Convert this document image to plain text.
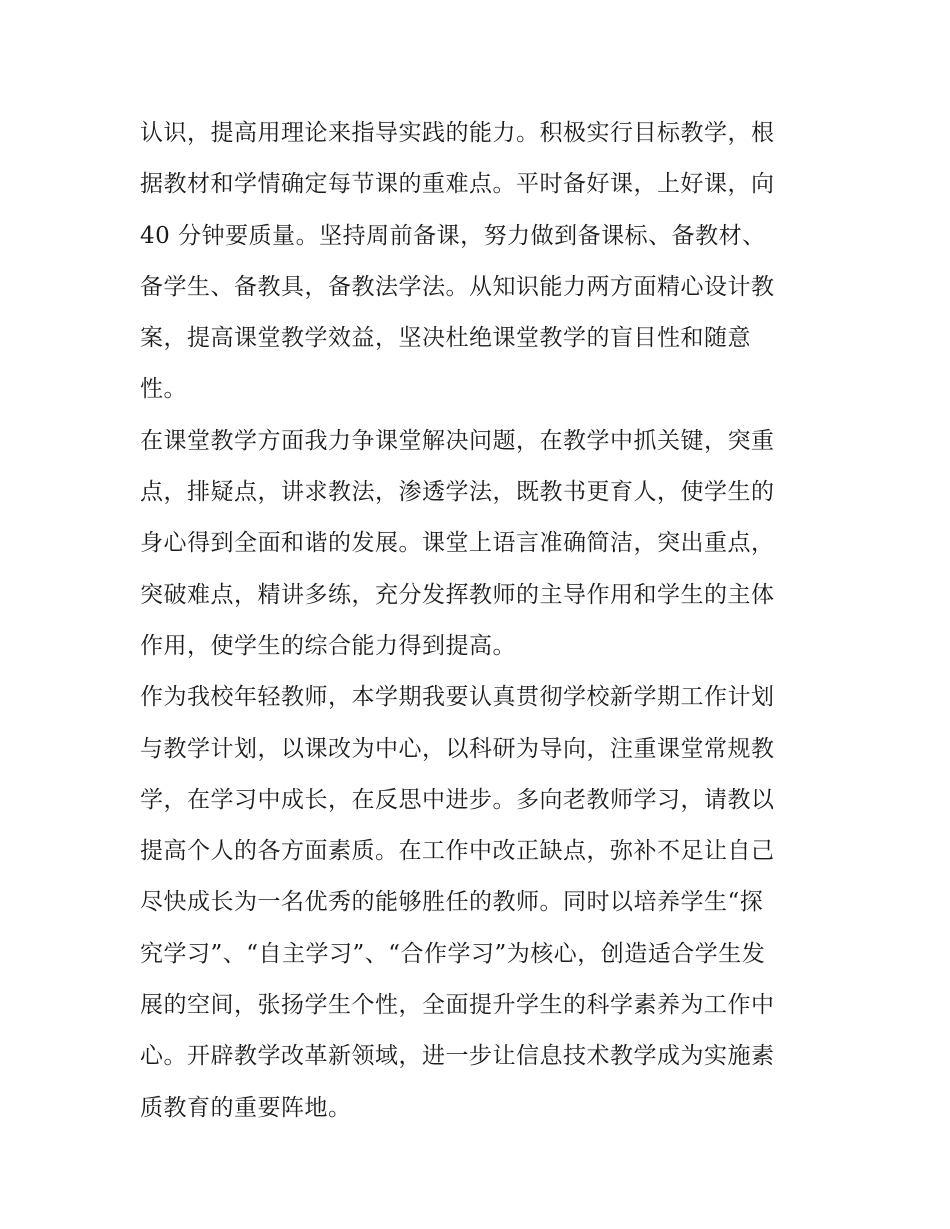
认识，提高用理论来指导实践的能力。积极实行目标教学，根
据教材和学情确定每节课的重难点。平时备好课，上好课，向
40 分钟要质量。坚持周前备课，努力做到备课标、备教材、
备学生、备教具，备教法学法。从知识能力两方面精心设计教
案，提高课堂教学效益，坚决杜绝课堂教学的盲目性和随意
性。
在课堂教学方面我力争课堂解决问题，在教学中抓关键，突重
点，排疑点，讲求教法，渗透学法，既教书更育人，使学生的
身心得到全面和谐的发展。课堂上语言准确简洁，突出重点，
突破难点，精讲多练，充分发挥教师的主导作用和学生的主体
作用，使学生的综合能力得到提高。
作为我校年轻教师，本学期我要认真贯彻学校新学期工作计划
与教学计划，以课改为中心，以科研为导向，注重课堂常规教
学，在学习中成长，在反思中进步。多向老教师学习，请教以
提高个人的各方面素质。在工作中改正缺点，弥补不足让自己
尽快成长为一名优秀的能够胜任的教师。同时以培养学生“探
究学习”、“自主学习”、“合作学习”为核心，创造适合学生发
展的空间，张扬学生个性，全面提升学生的科学素养为工作中
心。开辟教学改革新领域，进一步让信息技术教学成为实施素
质教育的重要阵地。
